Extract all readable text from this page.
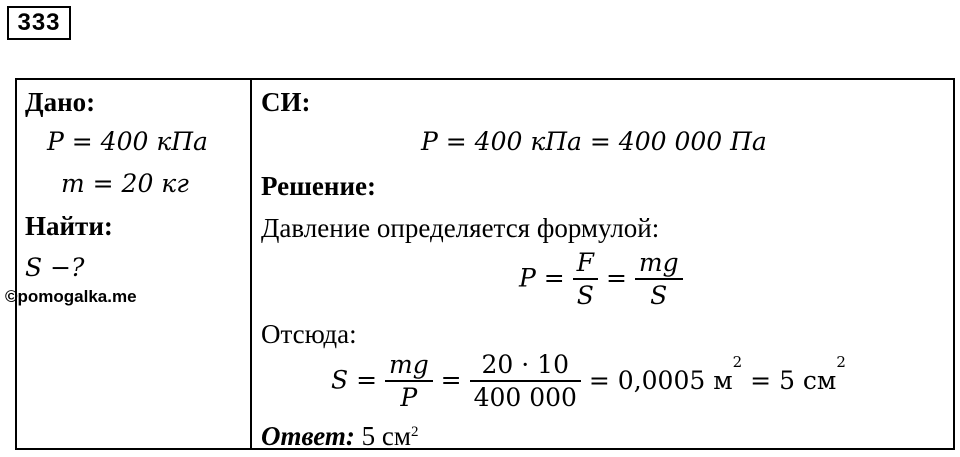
333
Дано:
P = 400 кПа
m = 20 кг
Найти:
S −?
СИ:
P = 400 кПа = 400 000 Па
Решение:
Давление определяется формулой:
$P = \frac{F}{S} = \frac{mg}{S}$
Отсюда:
$S = \frac{mg}{P} = \frac{20 \cdot 10}{400 000} = 0,0005$ $м^2 = 5$ $см^2$
Ответ: 5 $см^2$
©pomogalka.me
